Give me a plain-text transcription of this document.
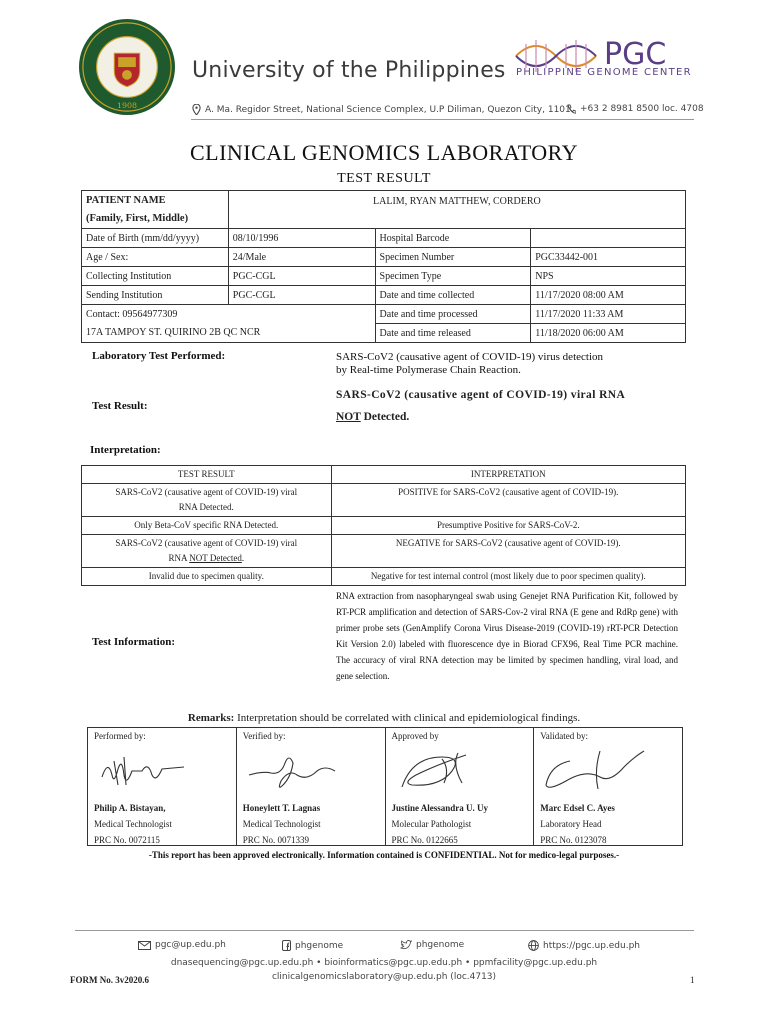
1908
University of the Philippines	PGC
PHILIPPINE GENOME CENTER
A. Ma. Regidor Street, National Science Complex, U.P Diliman, Quezon City, 1101 +63 2 8981 8500 loc. 4708
CLINICAL GENOMICS LABORATORY
TEST RESULT
PATIENT NAME
(Family, First, Middle)	LALIM, RYAN MATTHEW, CORDERO		
Date of Birth (mm/dd/yyyy)	08/10/1996	Hospital Barcode	
Age / Sex:	24/Male	Specimen Number	PGC33442-001
Collecting Institution	PGC-CGL	Specimen Type	NPS
Sending Institution	PGC-CGL	Date and time collected	11/17/2020 08:00 AM
Contact: 09564977309		Date and time processed	11/17/2020 11:33 AM
17A TAMPOY ST. QUIRINO 2B QC NCR		Date and time released	11/18/2020 06:00 AM
Laboratory Test Performed:	SARS-CoV2 (causative agent of COVID-19) virus detection
by Real-time Polymerase Chain Reaction.
Test Result:
SARS-CoV2 (causative agent of COVID-19) viral RNA
NOT Detected.
Interpretation:
TEST RESULT	INTERPRETATION

SARS-CoV2 (causative agent of COVID-19) viral
RNA Detected.	POSITIVE for SARS-CoV2 (causative agent of COVID-19).
Only Beta-CoV specific RNA Detected.	Presumptive Positive for SARS-CoV-2.

SARS-CoV2 (causative agent of COVID-19) viral
RNA NOT Detected.	NEGATIVE for SARS-CoV2 (causative agent of COVID-19).
Invalid due to specimen quality.	Negative for test internal control (most likely due to poor specimen quality).
Test Information:
RNA extraction from nasopharyngeal swab using Genejet RNA Purification Kit, followed by RT-PCR amplification and detection of SARS-Cov-2 viral RNA (E gene and RdRp gene) with primer probe sets (GenAmplify Corona Virus Disease-2019 (COVID-19) rRT-PCR Detection Kit Version 2.0) labeled with fluorescence dye in Biorad CFX96, Real Time PCR machine. The accuracy of viral RNA detection may be limited by specimen handling, viral load, and gene selection.
Remarks: Interpretation should be correlated with clinical and epidemiological findings.
Performed by:
Philip A. Bistayan,
Medical Technologist
PRC No. 0072115

Verified by:
Honeylett T. Lagnas
Medical Technologist
PRC No. 0071339

Approved by
Justine Alessandra U. Uy
Molecular Pathologist
PRC No. 0122665

Validated by:
Marc Edsel C. Ayes
Laboratory Head
PRC No. 0123078
-This report has been approved electronically. Information contained is CONFIDENTIAL. Not for medico-legal purposes.-
pgc@up.edu.ph	phgenome	phgenome	https://pgc.up.edu.ph
dnasequencing@pgc.up.edu.ph • bioinformatics@pgc.up.edu.ph • ppmfacility@pgc.up.edu.ph
clinicalgenomicslaboratory@up.edu.ph (loc.4713)
FORM No. 3v2020.6	1
